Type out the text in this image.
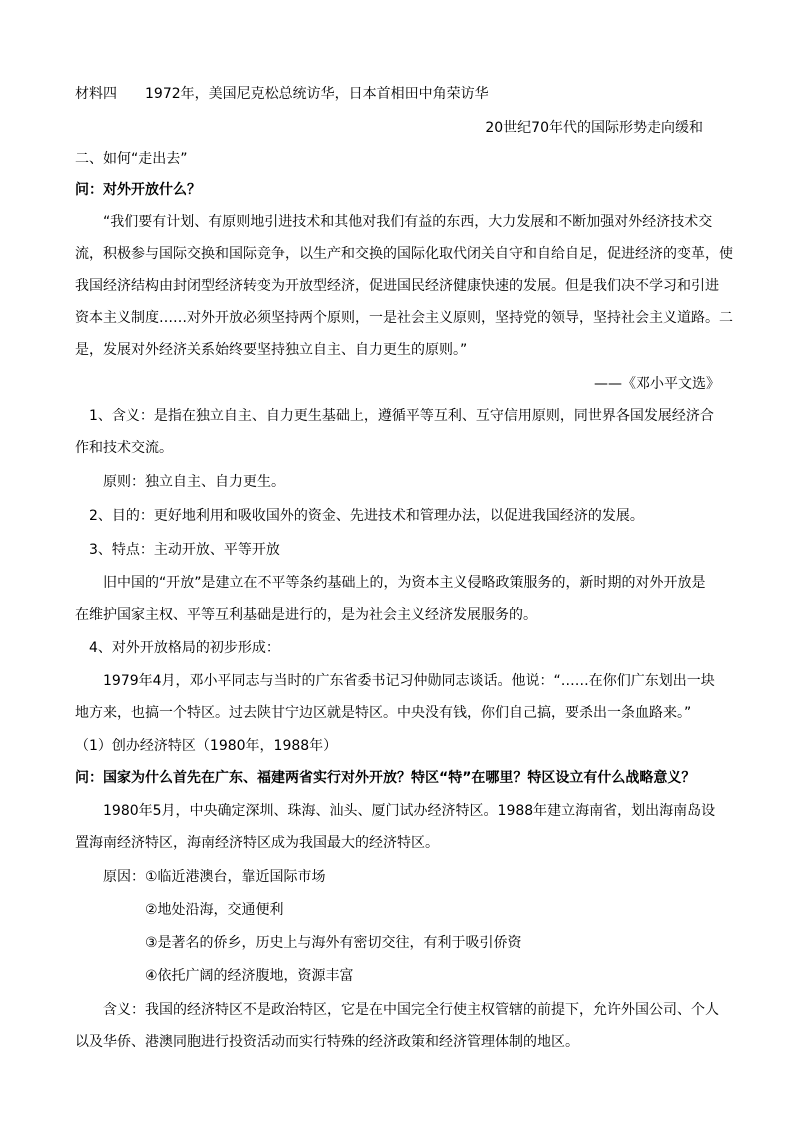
材料四 1972年，美国尼克松总统访华，日本首相田中角荣访华
20世纪70年代的国际形势走向缓和
二、如何“走出去”
问：对外开放什么？
“我们要有计划、有原则地引进技术和其他对我们有益的东西，大力发展和不断加强对外经济技术交
流，积极参与国际交换和国际竞争，以生产和交换的国际化取代闭关自守和自给自足，促进经济的变革，使
我国经济结构由封闭型经济转变为开放型经济，促进国民经济健康快速的发展。但是我们决不学习和引进
资本主义制度……对外开放必须坚持两个原则，一是社会主义原则，坚持党的领导，坚持社会主义道路。二
是，发展对外经济关系始终要坚持独立自主、自力更生的原则。”
——《邓小平文选》
1、含义：是指在独立自主、自力更生基础上，遵循平等互利、互守信用原则，同世界各国发展经济合
作和技术交流。
原则：独立自主、自力更生。
2、目的：更好地利用和吸收国外的资金、先进技术和管理办法，以促进我国经济的发展。
3、特点：主动开放、平等开放
旧中国的“开放”是建立在不平等条约基础上的，为资本主义侵略政策服务的，新时期的对外开放是
在维护国家主权、平等互利基础是进行的，是为社会主义经济发展服务的。
4、对外开放格局的初步形成：
1979年4月，邓小平同志与当时的广东省委书记习仲勋同志谈话。他说：“……在你们广东划出一块
地方来，也搞一个特区。过去陕甘宁边区就是特区。中央没有钱，你们自己搞，要杀出一条血路来。”
（1）创办经济特区（1980年，1988年）
问：国家为什么首先在广东、福建两省实行对外开放？特区“特”在哪里？特区设立有什么战略意义？
1980年5月，中央确定深圳、珠海、汕头、厦门试办经济特区。1988年建立海南省，划出海南岛设
置海南经济特区，海南经济特区成为我国最大的经济特区。
原因：①临近港澳台，靠近国际市场
②地处沿海，交通便利
③是著名的侨乡，历史上与海外有密切交往，有利于吸引侨资
④依托广阔的经济腹地，资源丰富
含义：我国的经济特区不是政治特区，它是在中国完全行使主权管辖的前提下，允许外国公司、个人
以及华侨、港澳同胞进行投资活动而实行特殊的经济政策和经济管理体制的地区。
